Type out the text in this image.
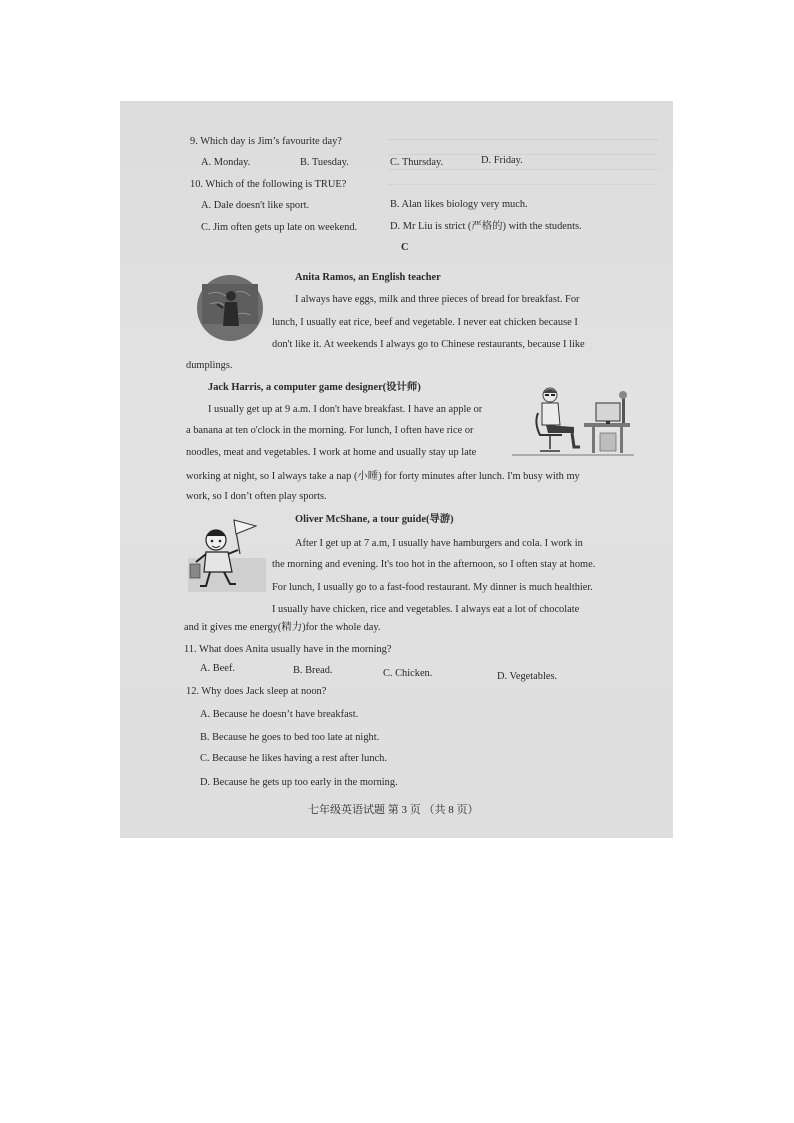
9. Which day is Jim’s favourite day?
A. Monday.	B. Tuesday.	C. Thursday.	D. Friday.
10. Which of the following is TRUE?
A. Dale doesn't like sport.	B. Alan likes biology very much.
C. Jim often gets up late on weekend.	D. Mr Liu is strict (严格的) with the students.
C
Anita Ramos, an English teacher
I always have eggs, milk and three pieces of bread for breakfast. For
lunch, I usually eat rice, beef and vegetable. I never eat chicken because I
don't like it. At weekends I always go to Chinese restaurants, because I like
dumplings.
Jack Harris, a computer game designer(设计师)
I usually get up at 9 a.m. I don't have breakfast. I have an apple or
a banana at ten o'clock in the morning. For lunch, I often have rice or
noodles, meat and vegetables. I work at home and usually stay up late
working at night, so I always take a nap (小睡) for forty minutes after lunch. I'm busy with my
work, so I don’t often play sports.
Oliver McShane, a tour guide(导游)
After I get up at 7 a.m, I usually have hamburgers and cola. I work in
the morning and evening. It's too hot in the afternoon, so I often stay at home.
For lunch, I usually go to a fast-food restaurant. My dinner is much healthier.
I usually have chicken, rice and vegetables. I always eat a lot of chocolate
and it gives me energy(精力)for the whole day.
11. What does Anita usually have in the morning?
A. Beef.	B. Bread.	C. Chicken.	D. Vegetables.
12. Why does Jack sleep at noon?
A. Because he doesn’t have breakfast.
B. Because he goes to bed too late at night.
C. Because he likes having a rest after lunch.
D. Because he gets up too early in the morning.
七年级英语试题 第 3 页 （共 8 页）
